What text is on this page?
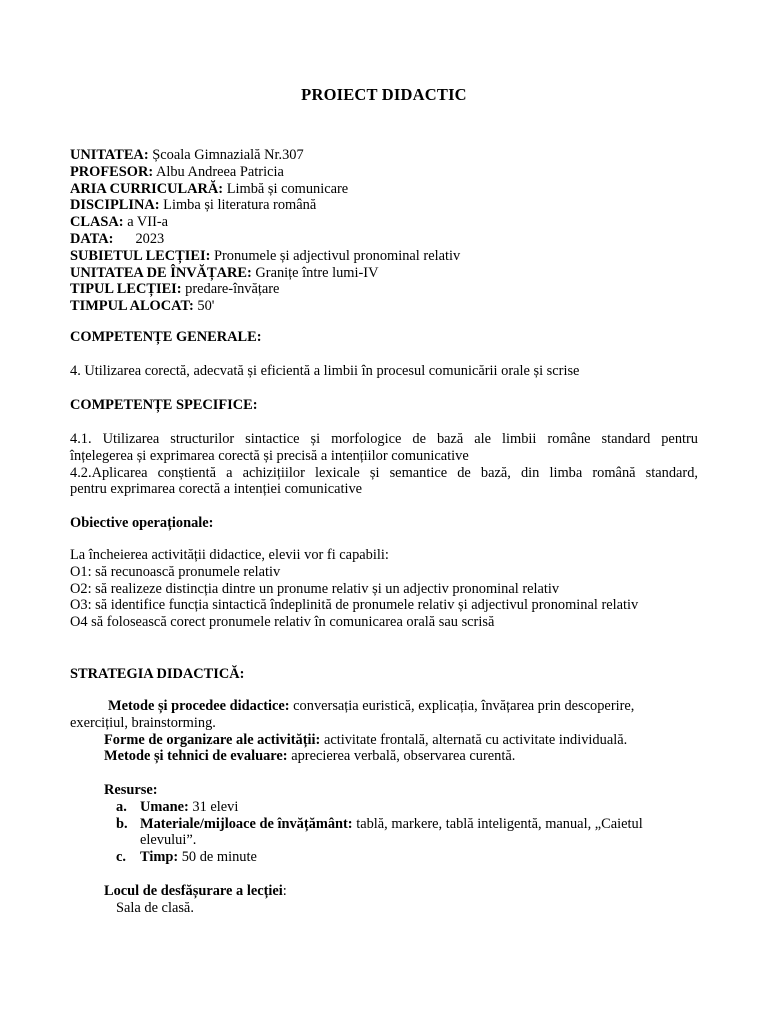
PROIECT DIDACTIC
UNITATEA: Școala Gimnazială Nr.307
PROFESOR: Albu Andreea Patricia
ARIA CURRICULARĂ: Limbă și comunicare
DISCIPLINA: Limba și literatura română
CLASA: a VII-a
DATA: 2023
SUBIETUL LECȚIEI: Pronumele și adjectivul pronominal relativ
UNITATEA DE ÎNVĂȚARE: Granițe între lumi-IV
TIPUL LECȚIEI: predare-învățare
TIMPUL ALOCAT: 50'
COMPETENȚE GENERALE:
4. Utilizarea corectă, adecvată și eficientă a limbii în procesul comunicării orale și scrise
COMPETENȚE SPECIFICE:
4.1. Utilizarea structurilor sintactice și morfologice de bază ale limbii române standard pentru
înțelegerea și exprimarea corectă și precisă a intențiilor comunicative
4.2.Aplicarea conștientă a achizițiilor lexicale și semantice de bază, din limba română standard,
pentru exprimarea corectă a intenției comunicative
Obiective operaționale:
La încheierea activității didactice, elevii vor fi capabili:
O1: să recunoască pronumele relativ
O2: să realizeze distincția dintre un pronume relativ și un adjectiv pronominal relativ
O3: să identifice funcția sintactică îndeplinită de pronumele relativ și adjectivul pronominal relativ
O4 să folosească corect pronumele relativ în comunicarea orală sau scrisă
STRATEGIA DIDACTICĂ:
Metode și procedee didactice: conversația euristică, explicația, învățarea prin descoperire,
exercițiul, brainstorming.
Forme de organizare ale activității: activitate frontală, alternată cu activitate individuală.
Metode și tehnici de evaluare: aprecierea verbală, observarea curentă.
Resurse:
a. Umane: 31 elevi
b. Materiale/mijloace de învățământ: tablă, markere, tablă inteligentă, manual, „Caietul
elevului”.
c. Timp: 50 de minute
Locul de desfășurare a lecției:
Sala de clasă.
